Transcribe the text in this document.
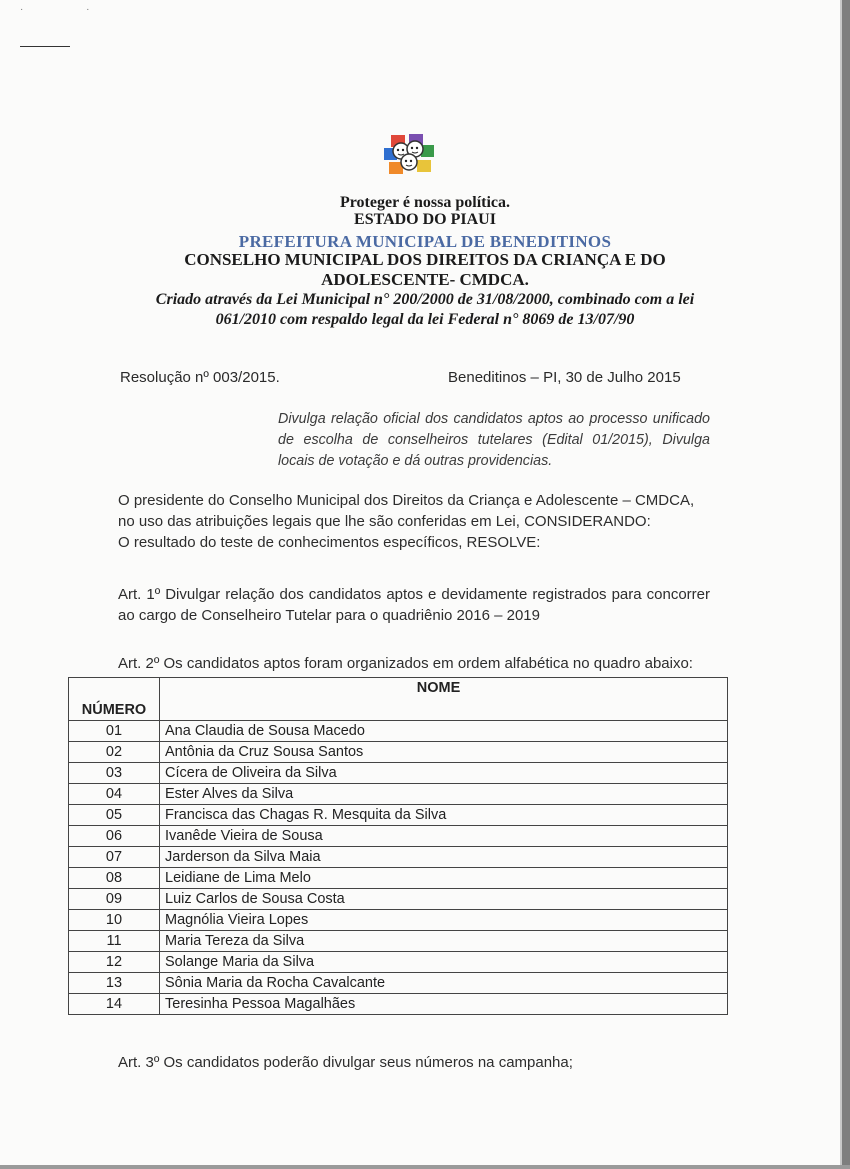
· ·
Proteger é nossa política.
ESTADO DO PIAUI
PREFEITURA MUNICIPAL DE BENEDITINOS
CONSELHO MUNICIPAL DOS DIREITOS DA CRIANÇA E DO
ADOLESCENTE- CMDCA.
Criado através da Lei Municipal n° 200/2000 de 31/08/2000, combinado com a lei
061/2010 com respaldo legal da lei Federal n° 8069 de 13/07/90
Resolução nº 003/2015.	Beneditinos – PI, 30 de Julho 2015
Divulga relação oficial dos candidatos aptos ao processo unificado de escolha de conselheiros tutelares (Edital 01/2015), Divulga locais de votação e dá outras providencias.
O presidente do Conselho Municipal dos Direitos da Criança e Adolescente – CMDCA,
no uso das atribuições legais que lhe são conferidas em Lei, CONSIDERANDO:
O resultado do teste de conhecimentos específicos, RESOLVE:
Art. 1º Divulgar relação dos candidatos aptos e devidamente registrados para concorrer ao cargo de Conselheiro Tutelar para o quadriênio 2016 – 2019
Art. 2º Os candidatos aptos foram organizados em ordem alfabética no quadro abaixo:
NÚMERO	NOME
01	Ana Claudia de Sousa Macedo
02	Antônia da Cruz Sousa Santos
03	Cícera de Oliveira da Silva
04	Ester Alves da Silva
05	Francisca das Chagas R. Mesquita da Silva
06	Ivanêde Vieira de Sousa
07	Jarderson da Silva Maia
08	Leidiane de Lima Melo
09	Luiz Carlos de Sousa Costa
10	Magnólia Vieira Lopes
11	Maria Tereza da Silva
12	Solange Maria da Silva
13	Sônia Maria da Rocha Cavalcante
14	Teresinha Pessoa Magalhães
Art. 3º Os candidatos poderão divulgar seus números na campanha;
